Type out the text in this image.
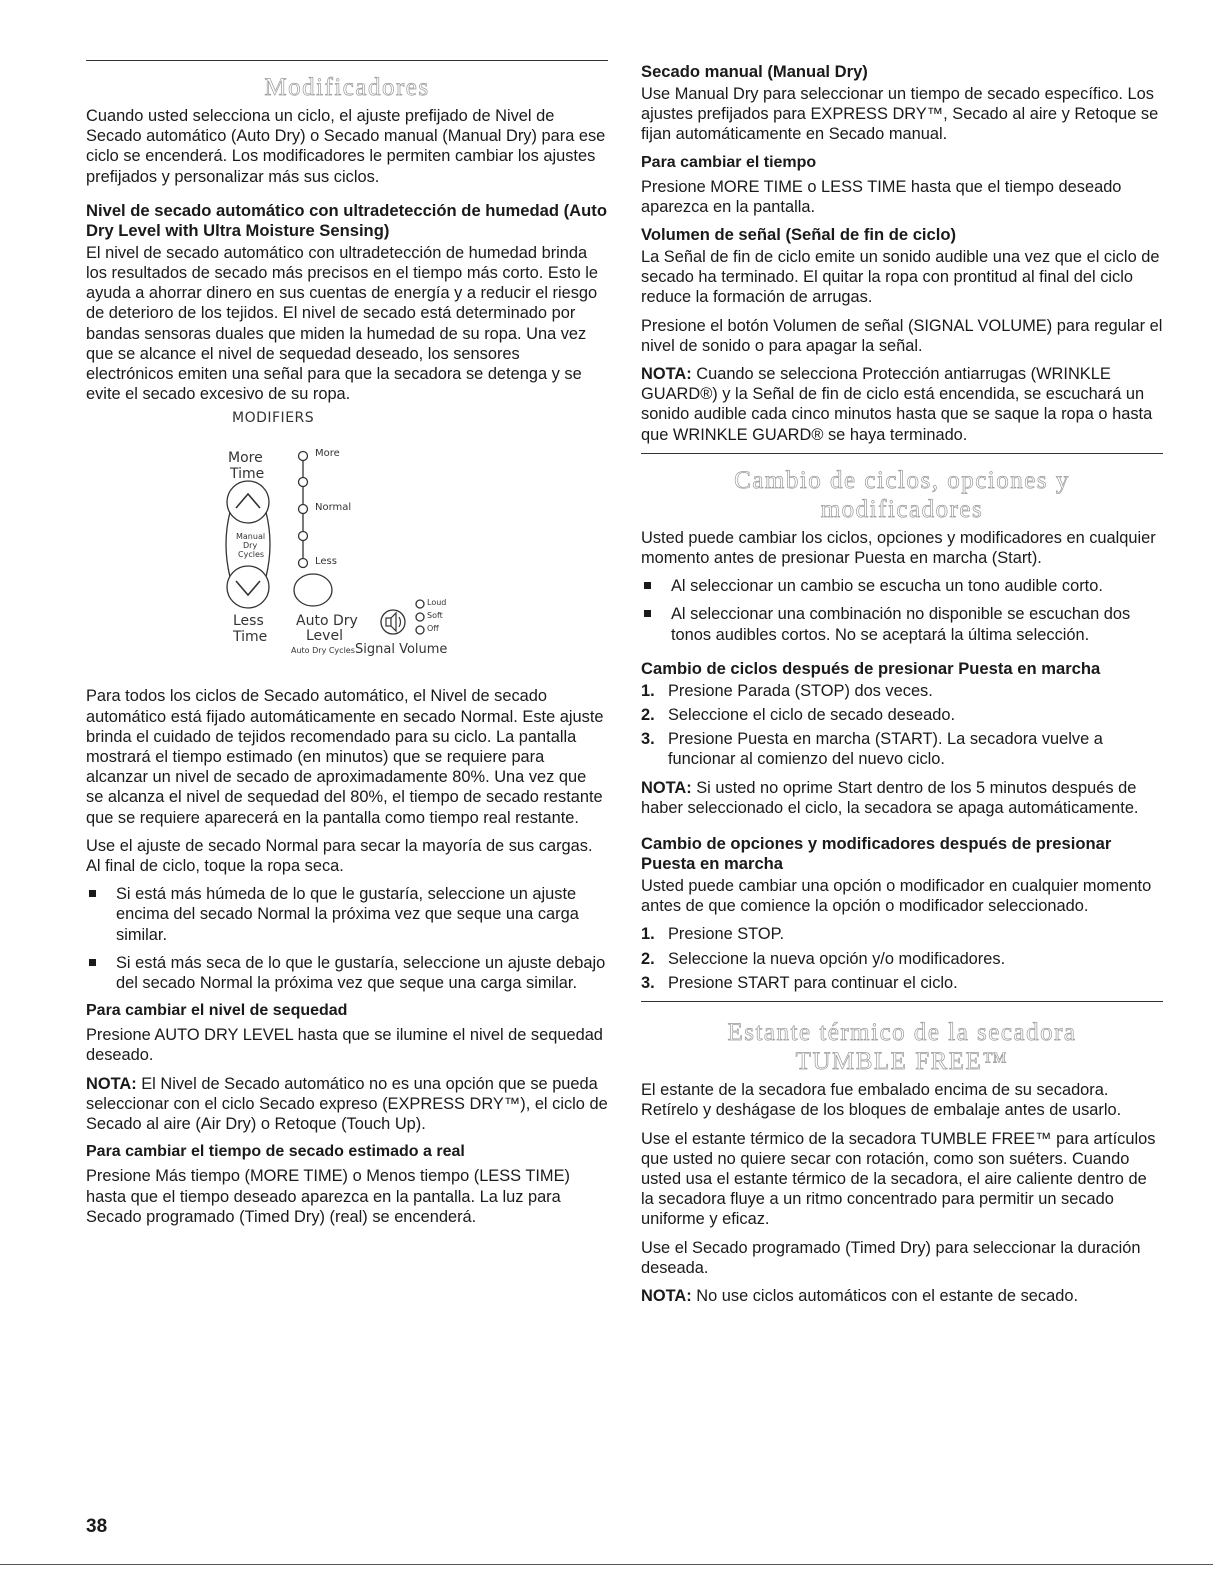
Modificadores

Cuando usted selecciona un ciclo, el ajuste prefijado de Nivel de Secado automático (Auto Dry) o Secado manual (Manual Dry) para ese ciclo se encenderá. Los modificadores le permiten cambiar los ajustes prefijados y personalizar más sus ciclos.

Nivel de secado automático con ultradetección de humedad (Auto Dry Level with Ultra Moisture Sensing)

El nivel de secado automático con ultradetección de humedad brinda los resultados de secado más precisos en el tiempo más corto. Esto le ayuda a ahorrar dinero en sus cuentas de energía y a reducir el riesgo de deterioro de los tejidos. El nivel de secado está determinado por bandas sensoras duales que miden la humedad de su ropa. Una vez que se alcance el nivel de sequedad deseado, los sensores electrónicos emiten una señal para que la secadora se detenga y se evite el secado excesivo de su ropa.

MODIFIERS
More
Time
Manual
Dry
Cycles
Less
Time
More
Normal
Less
Auto Dry
Level
Auto Dry Cycles Signal Volume
Loud
Soft
Off

Para todos los ciclos de Secado automático, el Nivel de secado automático está fijado automáticamente en secado Normal. Este ajuste brinda el cuidado de tejidos recomendado para su ciclo. La pantalla mostrará el tiempo estimado (en minutos) que se requiere para alcanzar un nivel de secado de aproximadamente 80%. Una vez que se alcanza el nivel de sequedad del 80%, el tiempo de secado restante que se requiere aparecerá en la pantalla como tiempo real restante.

Use el ajuste de secado Normal para secar la mayoría de sus cargas. Al final de ciclo, toque la ropa seca.

Si está más húmeda de lo que le gustaría, seleccione un ajuste encima del secado Normal la próxima vez que seque una carga similar.
Si está más seca de lo que le gustaría, seleccione un ajuste debajo del secado Normal la próxima vez que seque una carga similar.
Para cambiar el nivel de sequedad

Presione AUTO DRY LEVEL hasta que se ilumine el nivel de sequedad deseado.

NOTA: El Nivel de Secado automático no es una opción que se pueda seleccionar con el ciclo Secado expreso (EXPRESS DRY™), el ciclo de Secado al aire (Air Dry) o Retoque (Touch Up).

Para cambiar el tiempo de secado estimado a real

Presione Más tiempo (MORE TIME) o Menos tiempo (LESS TIME) hasta que el tiempo deseado aparezca en la pantalla. La luz para Secado programado (Timed Dry) (real) se encenderá.

Secado manual (Manual Dry)

Use Manual Dry para seleccionar un tiempo de secado específico. Los ajustes prefijados para EXPRESS DRY™, Secado al aire y Retoque se fijan automáticamente en Secado manual.

Para cambiar el tiempo

Presione MORE TIME o LESS TIME hasta que el tiempo deseado aparezca en la pantalla.

Volumen de señal (Señal de fin de ciclo)

La Señal de fin de ciclo emite un sonido audible una vez que el ciclo de secado ha terminado. El quitar la ropa con prontitud al final del ciclo reduce la formación de arrugas.

Presione el botón Volumen de señal (SIGNAL VOLUME) para regular el nivel de sonido o para apagar la señal.

NOTA: Cuando se selecciona Protección antiarrugas (WRINKLE GUARD®) y la Señal de fin de ciclo está encendida, se escuchará un sonido audible cada cinco minutos hasta que se saque la ropa o hasta que WRINKLE GUARD® se haya terminado.

Cambio de ciclos, opciones y modificadores

Usted puede cambiar los ciclos, opciones y modificadores en cualquier momento antes de presionar Puesta en marcha (Start).

Al seleccionar un cambio se escucha un tono audible corto.
Al seleccionar una combinación no disponible se escuchan dos tonos audibles cortos. No se aceptará la última selección.
Cambio de ciclos después de presionar Puesta en marcha
1. Presione Parada (STOP) dos veces.
2. Seleccione el ciclo de secado deseado.
3. Presione Puesta en marcha (START). La secadora vuelve a funcionar al comienzo del nuevo ciclo.

NOTA: Si usted no oprime Start dentro de los 5 minutos después de haber seleccionado el ciclo, la secadora se apaga automáticamente.

Cambio de opciones y modificadores después de presionar Puesta en marcha

Usted puede cambiar una opción o modificador en cualquier momento antes de que comience la opción o modificador seleccionado.

1. Presione STOP.
2. Seleccione la nueva opción y/o modificadores.
3. Presione START para continuar el ciclo.
Estante térmico de la secadora
TUMBLE FREE™

El estante de la secadora fue embalado encima de su secadora. Retírelo y deshágase de los bloques de embalaje antes de usarlo.

Use el estante térmico de la secadora TUMBLE FREE™ para artículos que usted no quiere secar con rotación, como son suéters. Cuando usted usa el estante térmico de la secadora, el aire caliente dentro de la secadora fluye a un ritmo concentrado para permitir un secado uniforme y eficaz.

Use el Secado programado (Timed Dry) para seleccionar la duración deseada.

NOTA: No use ciclos automáticos con el estante de secado.

38
